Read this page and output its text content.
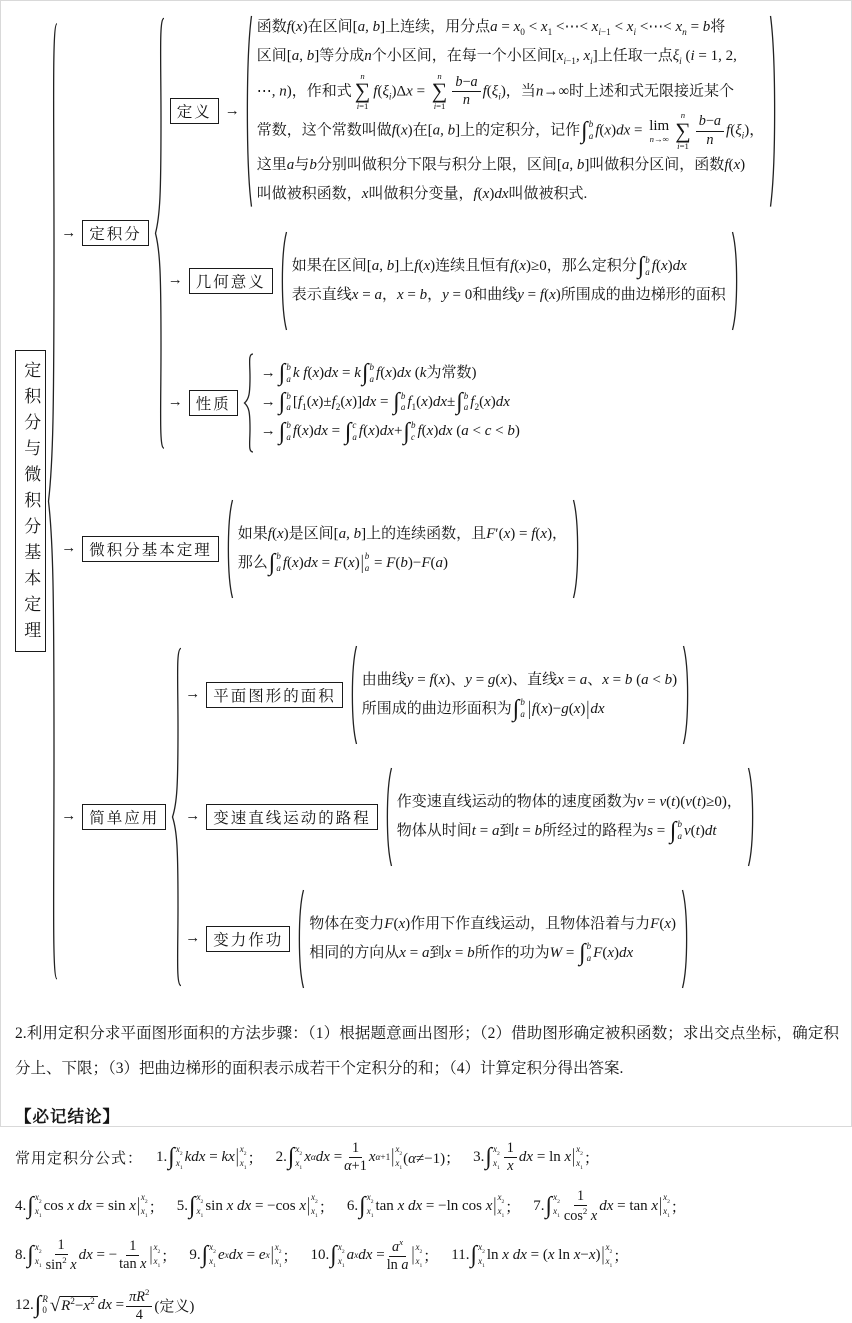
定积分与微积分基本定理
→ 定积分
定义 →
函数f(x)在区间[a, b]上连续，用分点$a = x_0 < x_1$ <⋯< $x_{i-1} < x_i$ <⋯< $x_n = b$将
区间[a, b]等分成n个小区间，在每一个小区间[$x_{i-1}$, $x_i$]上任取一点$\xi_i$ (i = 1, 2,
⋯, n)，作和式
n
∑
i=1
$f(\xi_i)\Delta x$ =
n
∑
$i=1 \frac{b-a}{n} f(\xi_i)$，当n→∞时上述和式无限接近某个
常数，这个常数叫做f(x)在[a, b]上的定积分，记作 ∫ b
a f(x)dx = lim
n→∞
n
∑
$i=1 \frac{b-a}{n} f(\xi_i)$，
这里a与b分别叫做积分下限与积分上限，区间[a, b]叫做积分区间，函数f(x)
叫做被积函数，x叫做积分变量，f(x)dx叫做被积式.
→ 几何意义
如果在区间[a, b]上f(x)连续且恒有f(x)≥0，那么定积分 ∫ b
a f(x)dx
表示直线x = a，x = b，y = 0和曲线y = f(x)所围成的曲边梯形的面积
→ 性质
→ ∫ b
a k f(x)dx = k ∫ b
a f(x)dx (k为常数)
→ ∫ b
a $[f_1(x)\pm f_2(x)]dx$ = ∫ b
a $f_1(x)dx\pm$ ∫ b
a $f_2(x)dx$
→ ∫ b
a f(x)dx = ∫ c
a f(x)dx+ ∫ b
c f(x)dx (a < c < b)
→ 微积分基本定理
如果f(x)是区间[a, b]上的连续函数，且F′(x) = f(x)，
那么 ∫ b
a f(x)dx = F(x)| b
a = F(b)−F(a)
→ 简单应用
→ 平面图形的面积
由曲线y = f(x)、y = g(x)、直线x = a、x = b (a < b)
所围成的曲边形面积为 ∫ b
a |f(x)−g(x)|dx
→ 变速直线运动的路程
作变速直线运动的物体的速度函数为v = v(t)(v(t)≥0)，
物体从时间t = a到t = b所经过的路程为s = ∫ b
a v(t)dt
→ 变力作功
物体在变力F(x)作用下作直线运动，且物体沿着与力F(x)
相同的方向从x = a到x = b所作的功为W = ∫ b
a F(x)dx

2.利用定积分求平面图形面积的方法步骤：（1）根据题意画出图形；（2）借助图形确定被积函数；求出交点坐标，确定积分上、下限；（3）把曲边梯形的面积表示成若干个定积分的和；（4）计算定积分得出答案.

【必记结论】
常用定积分公式： 1. ∫ $x_2$
$x_1$
kdx = kx | $x_2$
$x_1$
； 2. ∫ $x_2$
$x_1$
x α dx = $\frac{1}{\alpha+1}$ x α+1 | $x_2$
$x_1$
(α≠−1)； 3. ∫ $x_2$
$x_1 \frac{1}{x}$ dx = ln x | $x_2$
$x_1$
；
4. ∫ $x_2$
$x_1$
cos x dx = sin x | $x_2$
$x_1$
； 5. ∫ $x_2$
$x_1$
sin x dx = −cos x | $x_2$
$x_1$
； 6. ∫ $x_2$
$x_1$
tan x dx = −ln cos x | $x_2$
$x_1$
； 7. ∫ $x_2$
$x_1 \frac{1}{\cos^2 x}$ dx = tan x | $x_2$
$x_1$
；
8. ∫ $x_2$
$x_1 \frac{1}{\sin^2 x}$ dx = − $\frac{1}{\text{tan x}}$ | $x_2$
$x_1$
； 9. ∫ $x_2$
$x_1$
e x dx = e x | $x_2$
$x_1$
； 10. ∫ $x_2$
$x_1$
a x dx = $\frac{a^x}{\text{ln a}}$ | $x_2$
$x_1$
； 11. ∫ $x_2$
$x_1$
ln x dx = (x ln x−x) | $x_2$
$x_1$
；
12. ∫ R
0 √ $R^2-x^2$ dx = $\frac{\pi R^2}{4}$ (定义)
